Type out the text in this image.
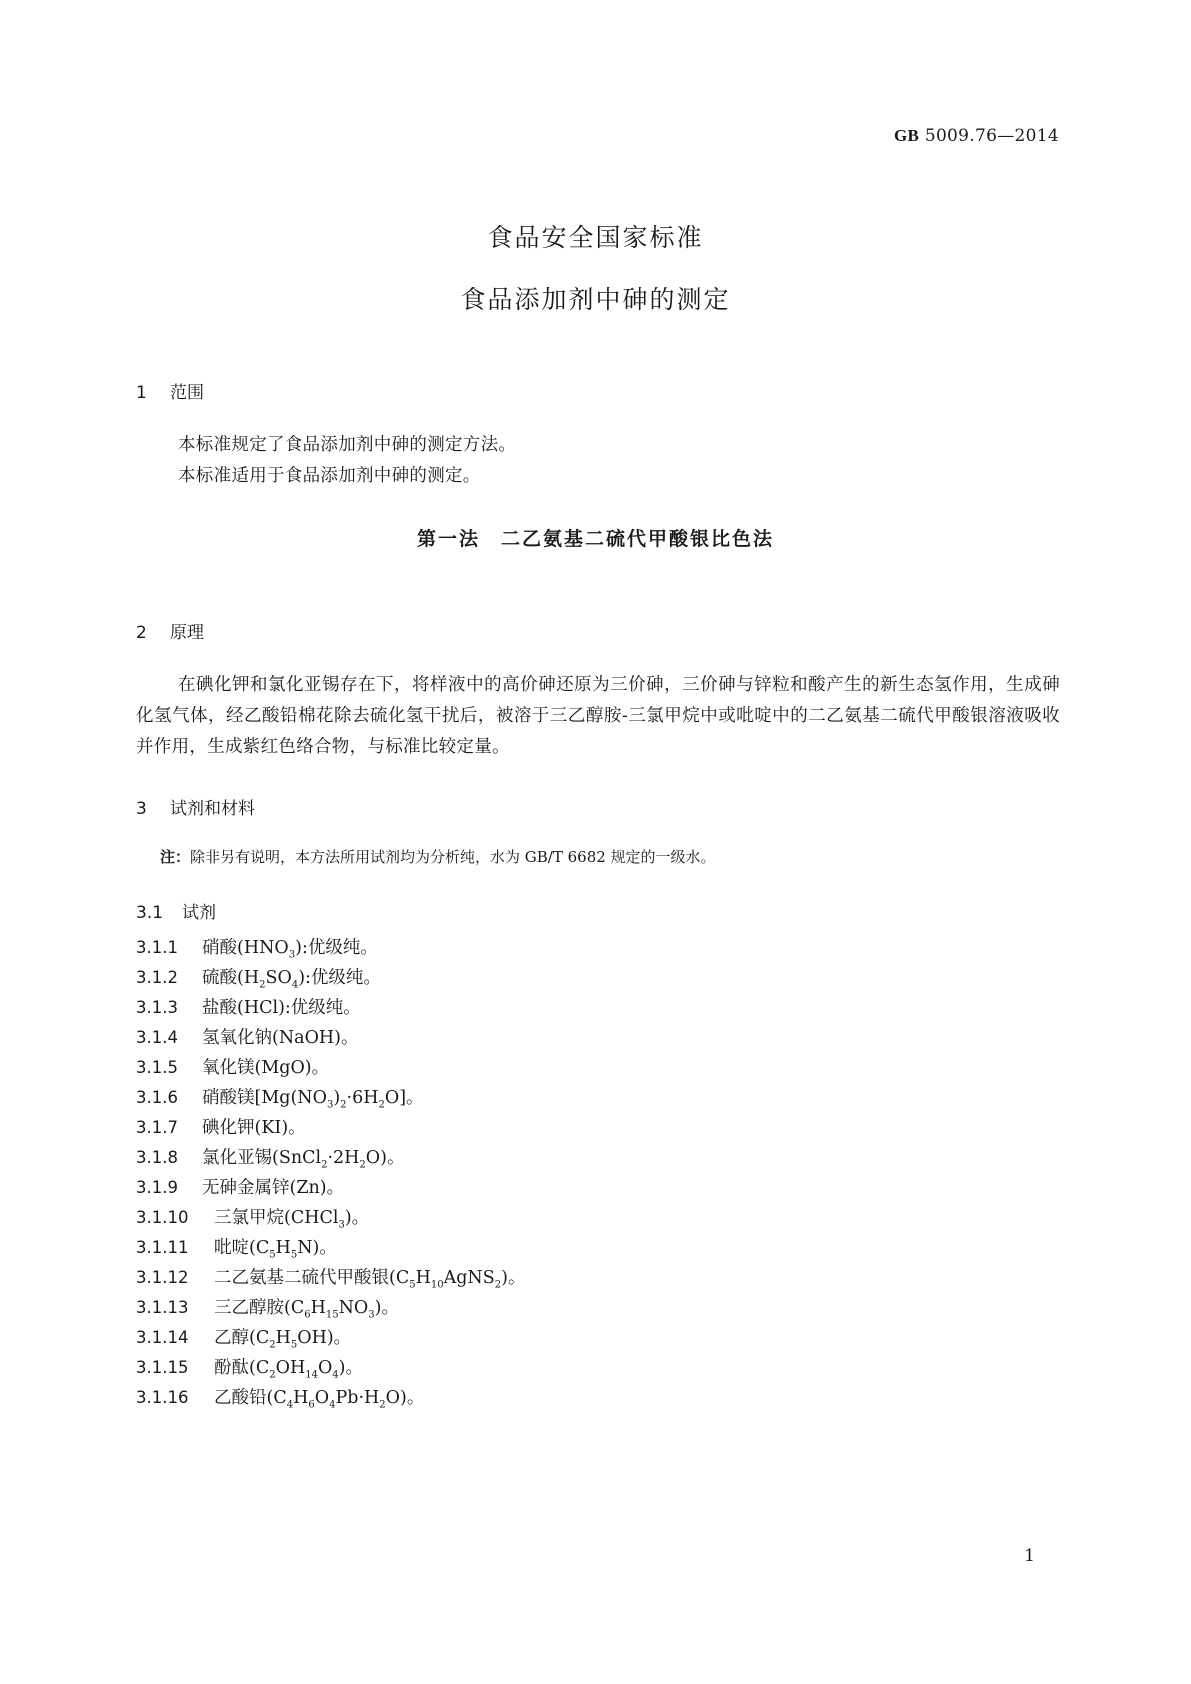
GB 5009.76—2014
食品安全国家标准
食品添加剂中砷的测定
1 范围
本标准规定了食品添加剂中砷的测定方法。
本标准适用于食品添加剂中砷的测定。
第一法　二乙氨基二硫代甲酸银比色法
2 原理
在碘化钾和氯化亚锡存在下，将样液中的高价砷还原为三价砷，三价砷与锌粒和酸产生的新生态氢作用，生成砷化氢气体，经乙酸铅棉花除去硫化氢干扰后，被溶于三乙醇胺-三氯甲烷中或吡啶中的二乙氨基二硫代甲酸银溶液吸收并作用，生成紫红色络合物，与标准比较定量。
3 试剂和材料
注：除非另有说明，本方法所用试剂均为分析纯，水为 GB/T 6682 规定的一级水。
3.1 试剂
3.1.1 硝酸$(HNO_3)$:优级纯。
3.1.2 硫酸$(H_2SO_4)$:优级纯。
3.1.3 盐酸(HCl):优级纯。
3.1.4 氢氧化钠(NaOH)。
3.1.5 氧化镁(MgO)。
3.1.6 硝酸镁$[Mg(NO_3)_2\cdot 6H_2O]$。
3.1.7 碘化钾(KI)。
3.1.8 氯化亚锡$(SnCl_2\cdot 2H_2O)$。
3.1.9 无砷金属锌(Zn)。
3.1.10 三氯甲烷(CHCl$_3$)。
3.1.11 吡啶$(C_5H_5N)$。
3.1.12 二乙氨基二硫代甲酸银$(C_5H_{10}AgNS_2)$。
3.1.13 三乙醇胺$(C_6H_{15}NO_3)$。
3.1.14 乙醇$(C_2H_5OH)$。
3.1.15 酚酞$(C_2OH_{14}O_4)$。
3.1.16 乙酸铅$(C_4H_6O_4Pb\cdot H_2O)$。
1
